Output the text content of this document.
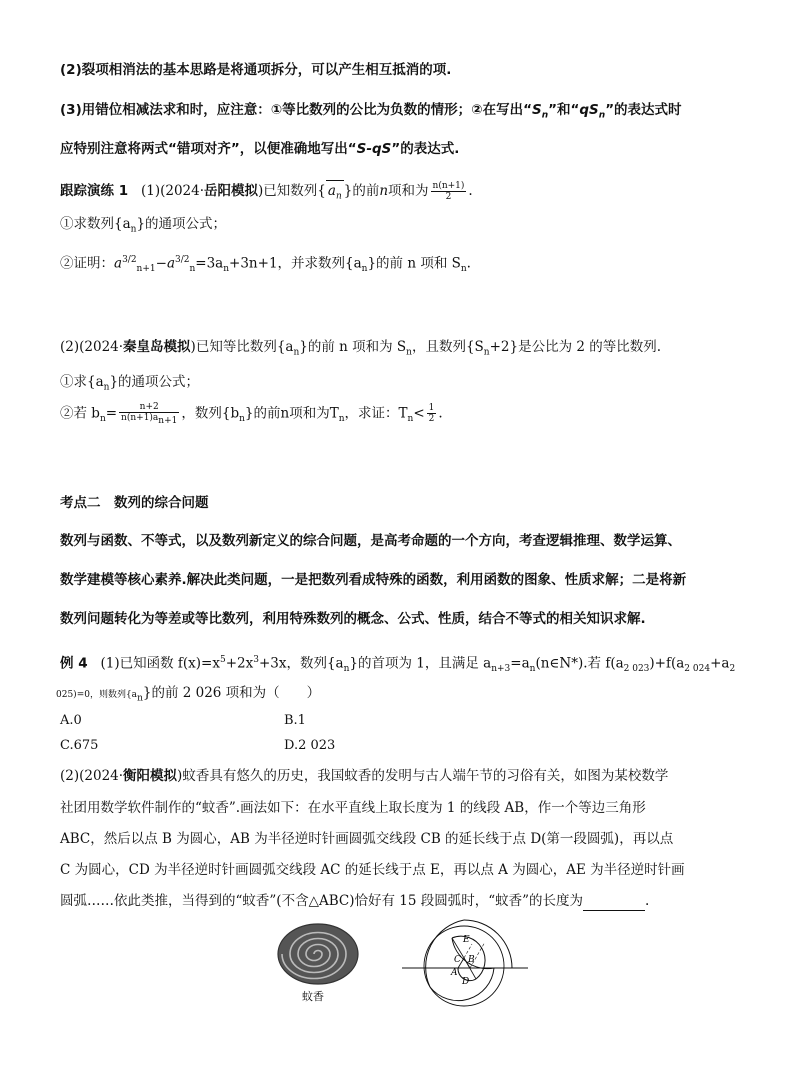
(2)裂项相消法的基本思路是将通项拆分，可以产生相互抵消的项.
(3)用错位相减法求和时，应注意：①等比数列的公比为负数的情形；②在写出“$S_n$”和“$qS_n$”的表达式时
应特别注意将两式“错项对齐”，以便准确地写出“S-qS”的表达式.
跟踪演练 1 (1)(2024·岳阳模拟)已知数列{ $a_n$ }的前n项和为 $\frac{n(n+1)}{2}$ .
①求数列$\{a_n\}$的通项公式；
②证明：$a^{3/2}_{n+1}-a^{3/2}_n=3a_n+3n+1$，并求数列$\{a_n\}$的前 n 项和 $S_n$.
(2)(2024·秦皇岛模拟)已知等比数列$\{a_n\}$的前 n 项和为 $S_n$，且数列$\{S_n+2\}$是公比为 2 的等比数列.
①求$\{a_n\}$的通项公式；
②若 $b_n= \frac{n+2}{n(n+1)a_{n+1}}$ ，数列$\{b_n\}$的前n项和为$T_n$，求证：$T_n< \frac{1}{2}$ .
考点二　数列的综合问题
数列与函数、不等式，以及数列新定义的综合问题，是高考命题的一个方向，考查逻辑推理、数学运算、
数学建模等核心素养.解决此类问题，一是把数列看成特殊的函数，利用函数的图象、性质求解；二是将新
数列问题转化为等差或等比数列，利用特殊数列的概念、公式、性质，结合不等式的相关知识求解.
例 4 (1)已知函数 $f(x)=x^5+2x^3+3x$，数列$\{a_n\}$的首项为 1，且满足 $a_{n+3}=a_n(n\in N*)$.若 $f(a_{2 023})+f(a_{2 024}+a_2$
025)=0，则数列$\{a_n\}$的前 2 026 项和为（　　）
A.0	B.1
C.675	D.2 023
(2)(2024·衡阳模拟)蚊香具有悠久的历史，我国蚊香的发明与古人端午节的习俗有关，如图为某校数学
社团用数学软件制作的“蚊香”.画法如下：在水平直线上取长度为 1 的线段 AB，作一个等边三角形
ABC，然后以点 B 为圆心，AB 为半径逆时针画圆弧交线段 CB 的延长线于点 D(第一段圆弧)，再以点
C 为圆心，CD 为半径逆时针画圆弧交线段 AC 的延长线于点 E，再以点 A 为圆心，AE 为半径逆时针画
圆弧……依此类推，当得到的“蚊香”(不含△ABC)恰好有 15 段圆弧时，“蚊香”的长度为	.
蚊香
E
C B
A
D
